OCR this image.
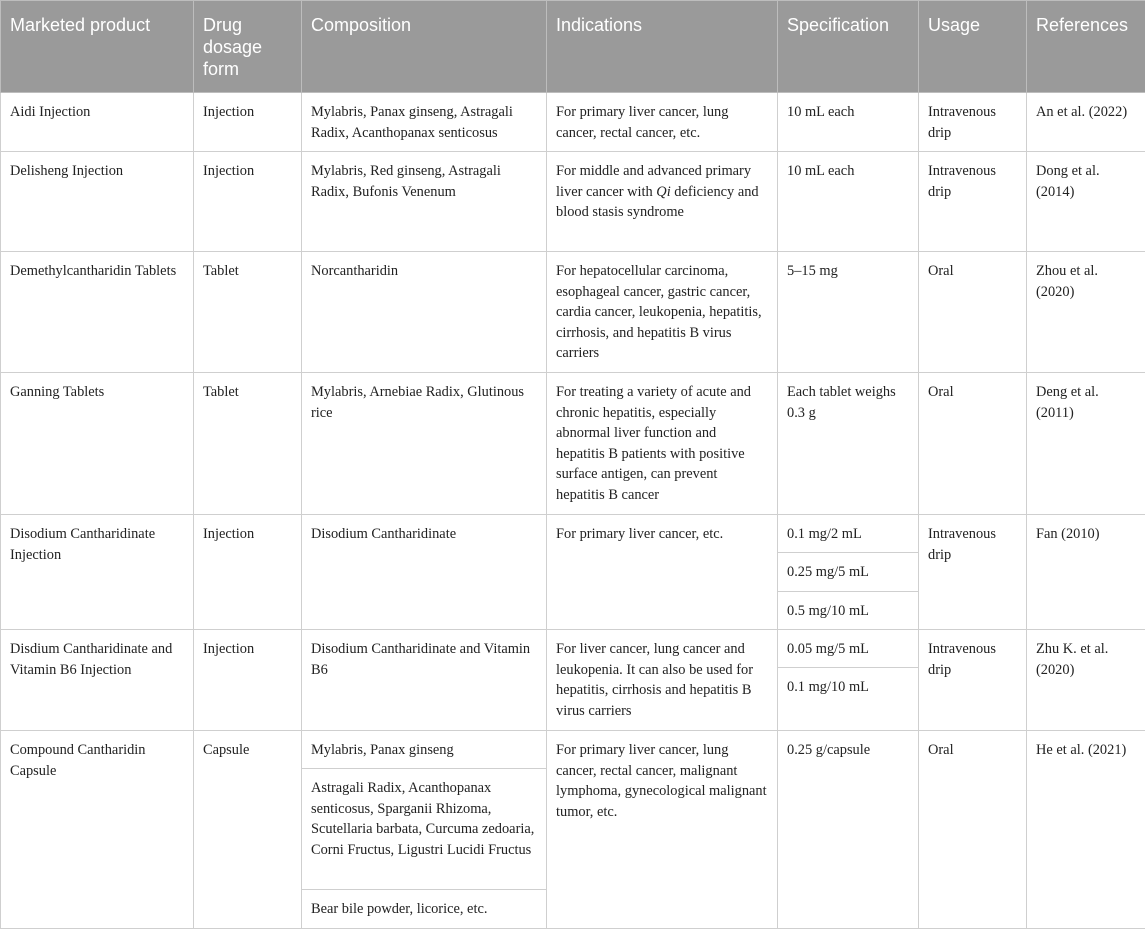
Marketed product	Drug dosage form	Composition	Indications	Specification	Usage	References
Aidi Injection	Injection	Mylabris, Panax ginseng, Astragali Radix, Acanthopanax senticosus	For primary liver cancer, lung cancer, rectal cancer, etc.	10 mL each	Intravenous drip	An et al. (2022)
Delisheng Injection	Injection	Mylabris, Red ginseng, Astragali Radix, Bufonis Venenum	For middle and advanced primary liver cancer with Qi deficiency and blood stasis syndrome	10 mL each	Intravenous drip	Dong et al. (2014)
Demethylcantharidin Tablets	Tablet	Norcantharidin	For hepatocellular carcinoma, esophageal cancer, gastric cancer, cardia cancer, leukopenia, hepatitis, cirrhosis, and hepatitis B virus carriers	5–15 mg	Oral	Zhou et al. (2020)
Ganning Tablets	Tablet	Mylabris, Arnebiae Radix, Glutinous rice	For treating a variety of acute and chronic hepatitis, especially abnormal liver function and hepatitis B patients with positive surface antigen, can prevent hepatitis B cancer	Each tablet weighs 0.3 g	Oral	Deng et al. (2011)
Disodium Cantharidinate Injection	Injection	Disodium Cantharidinate	For primary liver cancer, etc.	0.1 mg/2 mL	Intravenous drip	Fan (2010)
				0.25 mg/5 mL		
				0.5 mg/10 mL		
Disdium Cantharidinate and Vitamin B6 Injection	Injection	Disodium Cantharidinate and Vitamin B6	For liver cancer, lung cancer and leukopenia. It can also be used for hepatitis, cirrhosis and hepatitis B virus carriers	0.05 mg/5 mL	Intravenous drip	Zhu K. et al. (2020)
				0.1 mg/10 mL		
Compound Cantharidin Capsule	Capsule	Mylabris, Panax ginseng	For primary liver cancer, lung cancer, rectal cancer, malignant lymphoma, gynecological malignant tumor, etc.	0.25 g/capsule	Oral	He et al. (2021)
		Astragali Radix, Acanthopanax senticosus, Sparganii Rhizoma, Scutellaria barbata, Curcuma zedoaria, Corni Fructus, Ligustri Lucidi Fructus				
		Bear bile powder, licorice, etc.				
